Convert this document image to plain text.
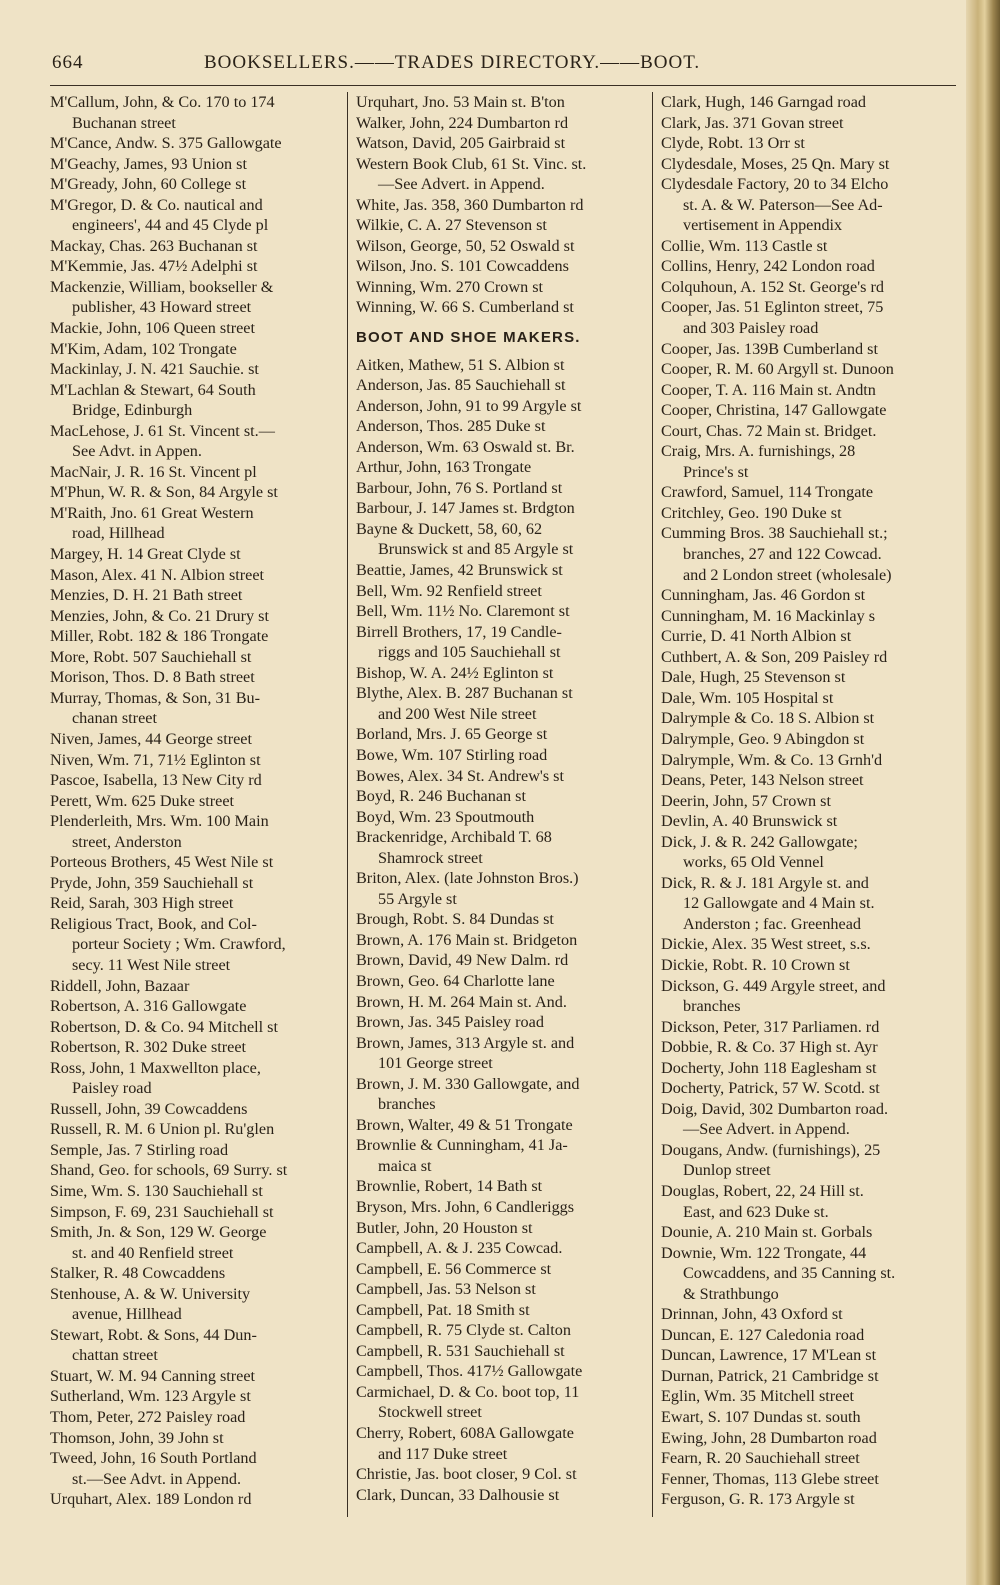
664	BOOKSELLERS.——TRADES DIRECTORY.——BOOT.
M'Callum, John, & Co. 170 to 174
Buchanan street
M'Cance, Andw. S. 375 Gallowgate
M'Geachy, James, 93 Union st
M'Gready, John, 60 College st
M'Gregor, D. & Co. nautical and
engineers', 44 and 45 Clyde pl
Mackay, Chas. 263 Buchanan st
M'Kemmie, Jas. 47½ Adelphi st
Mackenzie, William, bookseller &
publisher, 43 Howard street
Mackie, John, 106 Queen street
M'Kim, Adam, 102 Trongate
Mackinlay, J. N. 421 Sauchie. st
M'Lachlan & Stewart, 64 South
Bridge, Edinburgh
MacLehose, J. 61 St. Vincent st.—
See Advt. in Appen.
MacNair, J. R. 16 St. Vincent pl
M'Phun, W. R. & Son, 84 Argyle st
M'Raith, Jno. 61 Great Western
road, Hillhead
Margey, H. 14 Great Clyde st
Mason, Alex. 41 N. Albion street
Menzies, D. H. 21 Bath street
Menzies, John, & Co. 21 Drury st
Miller, Robt. 182 & 186 Trongate
More, Robt. 507 Sauchiehall st
Morison, Thos. D. 8 Bath street
Murray, Thomas, & Son, 31 Bu-
chanan street
Niven, James, 44 George street
Niven, Wm. 71, 71½ Eglinton st
Pascoe, Isabella, 13 New City rd
Perett, Wm. 625 Duke street
Plenderleith, Mrs. Wm. 100 Main
street, Anderston
Porteous Brothers, 45 West Nile st
Pryde, John, 359 Sauchiehall st
Reid, Sarah, 303 High street
Religious Tract, Book, and Col-
porteur Society ; Wm. Crawford,
secy. 11 West Nile street
Riddell, John, Bazaar
Robertson, A. 316 Gallowgate
Robertson, D. & Co. 94 Mitchell st
Robertson, R. 302 Duke street
Ross, John, 1 Maxwellton place,
Paisley road
Russell, John, 39 Cowcaddens
Russell, R. M. 6 Union pl. Ru'glen
Semple, Jas. 7 Stirling road
Shand, Geo. for schools, 69 Surry. st
Sime, Wm. S. 130 Sauchiehall st
Simpson, F. 69, 231 Sauchiehall st
Smith, Jn. & Son, 129 W. George
st. and 40 Renfield street
Stalker, R. 48 Cowcaddens
Stenhouse, A. & W. University
avenue, Hillhead
Stewart, Robt. & Sons, 44 Dun-
chattan street
Stuart, W. M. 94 Canning street
Sutherland, Wm. 123 Argyle st
Thom, Peter, 272 Paisley road
Thomson, John, 39 John st
Tweed, John, 16 South Portland
st.—See Advt. in Append.
Urquhart, Alex. 189 London rd
Urquhart, Jno. 53 Main st. B'ton
Walker, John, 224 Dumbarton rd
Watson, David, 205 Gairbraid st
Western Book Club, 61 St. Vinc. st.
—See Advert. in Append.
White, Jas. 358, 360 Dumbarton rd
Wilkie, C. A. 27 Stevenson st
Wilson, George, 50, 52 Oswald st
Wilson, Jno. S. 101 Cowcaddens
Winning, Wm. 270 Crown st
Winning, W. 66 S. Cumberland st
BOOT AND SHOE MAKERS.
Aitken, Mathew, 51 S. Albion st
Anderson, Jas. 85 Sauchiehall st
Anderson, John, 91 to 99 Argyle st
Anderson, Thos. 285 Duke st
Anderson, Wm. 63 Oswald st. Br.
Arthur, John, 163 Trongate
Barbour, John, 76 S. Portland st
Barbour, J. 147 James st. Brdgton
Bayne & Duckett, 58, 60, 62
Brunswick st and 85 Argyle st
Beattie, James, 42 Brunswick st
Bell, Wm. 92 Renfield street
Bell, Wm. 11½ No. Claremont st
Birrell Brothers, 17, 19 Candle-
riggs and 105 Sauchiehall st
Bishop, W. A. 24½ Eglinton st
Blythe, Alex. B. 287 Buchanan st
and 200 West Nile street
Borland, Mrs. J. 65 George st
Bowe, Wm. 107 Stirling road
Bowes, Alex. 34 St. Andrew's st
Boyd, R. 246 Buchanan st
Boyd, Wm. 23 Spoutmouth
Brackenridge, Archibald T. 68
Shamrock street
Briton, Alex. (late Johnston Bros.)
55 Argyle st
Brough, Robt. S. 84 Dundas st
Brown, A. 176 Main st. Bridgeton
Brown, David, 49 New Dalm. rd
Brown, Geo. 64 Charlotte lane
Brown, H. M. 264 Main st. And.
Brown, Jas. 345 Paisley road
Brown, James, 313 Argyle st. and
101 George street
Brown, J. M. 330 Gallowgate, and
branches
Brown, Walter, 49 & 51 Trongate
Brownlie & Cunningham, 41 Ja-
maica st
Brownlie, Robert, 14 Bath st
Bryson, Mrs. John, 6 Candleriggs
Butler, John, 20 Houston st
Campbell, A. & J. 235 Cowcad.
Campbell, E. 56 Commerce st
Campbell, Jas. 53 Nelson st
Campbell, Pat. 18 Smith st
Campbell, R. 75 Clyde st. Calton
Campbell, R. 531 Sauchiehall st
Campbell, Thos. 417½ Gallowgate
Carmichael, D. & Co. boot top, 11
Stockwell street
Cherry, Robert, 608A Gallowgate
and 117 Duke street
Christie, Jas. boot closer, 9 Col. st
Clark, Duncan, 33 Dalhousie st
Clark, Hugh, 146 Garngad road
Clark, Jas. 371 Govan street
Clyde, Robt. 13 Orr st
Clydesdale, Moses, 25 Qn. Mary st
Clydesdale Factory, 20 to 34 Elcho
st. A. & W. Paterson—See Ad-
vertisement in Appendix
Collie, Wm. 113 Castle st
Collins, Henry, 242 London road
Colquhoun, A. 152 St. George's rd
Cooper, Jas. 51 Eglinton street, 75
and 303 Paisley road
Cooper, Jas. 139B Cumberland st
Cooper, R. M. 60 Argyll st. Dunoon
Cooper, T. A. 116 Main st. Andtn
Cooper, Christina, 147 Gallowgate
Court, Chas. 72 Main st. Bridget.
Craig, Mrs. A. furnishings, 28
Prince's st
Crawford, Samuel, 114 Trongate
Critchley, Geo. 190 Duke st
Cumming Bros. 38 Sauchiehall st.;
branches, 27 and 122 Cowcad.
and 2 London street (wholesale)
Cunningham, Jas. 46 Gordon st
Cunningham, M. 16 Mackinlay s
Currie, D. 41 North Albion st
Cuthbert, A. & Son, 209 Paisley rd
Dale, Hugh, 25 Stevenson st
Dale, Wm. 105 Hospital st
Dalrymple & Co. 18 S. Albion st
Dalrymple, Geo. 9 Abingdon st
Dalrymple, Wm. & Co. 13 Grnh'd
Deans, Peter, 143 Nelson street
Deerin, John, 57 Crown st
Devlin, A. 40 Brunswick st
Dick, J. & R. 242 Gallowgate;
works, 65 Old Vennel
Dick, R. & J. 181 Argyle st. and
12 Gallowgate and 4 Main st.
Anderston ; fac. Greenhead
Dickie, Alex. 35 West street, s.s.
Dickie, Robt. R. 10 Crown st
Dickson, G. 449 Argyle street, and
branches
Dickson, Peter, 317 Parliamen. rd
Dobbie, R. & Co. 37 High st. Ayr
Docherty, John 118 Eaglesham st
Docherty, Patrick, 57 W. Scotd. st
Doig, David, 302 Dumbarton road.
—See Advert. in Append.
Dougans, Andw. (furnishings), 25
Dunlop street
Douglas, Robert, 22, 24 Hill st.
East, and 623 Duke st.
Dounie, A. 210 Main st. Gorbals
Downie, Wm. 122 Trongate, 44
Cowcaddens, and 35 Canning st.
& Strathbungo
Drinnan, John, 43 Oxford st
Duncan, E. 127 Caledonia road
Duncan, Lawrence, 17 M'Lean st
Durnan, Patrick, 21 Cambridge st
Eglin, Wm. 35 Mitchell street
Ewart, S. 107 Dundas st. south
Ewing, John, 28 Dumbarton road
Fearn, R. 20 Sauchiehall street
Fenner, Thomas, 113 Glebe street
Ferguson, G. R. 173 Argyle st
